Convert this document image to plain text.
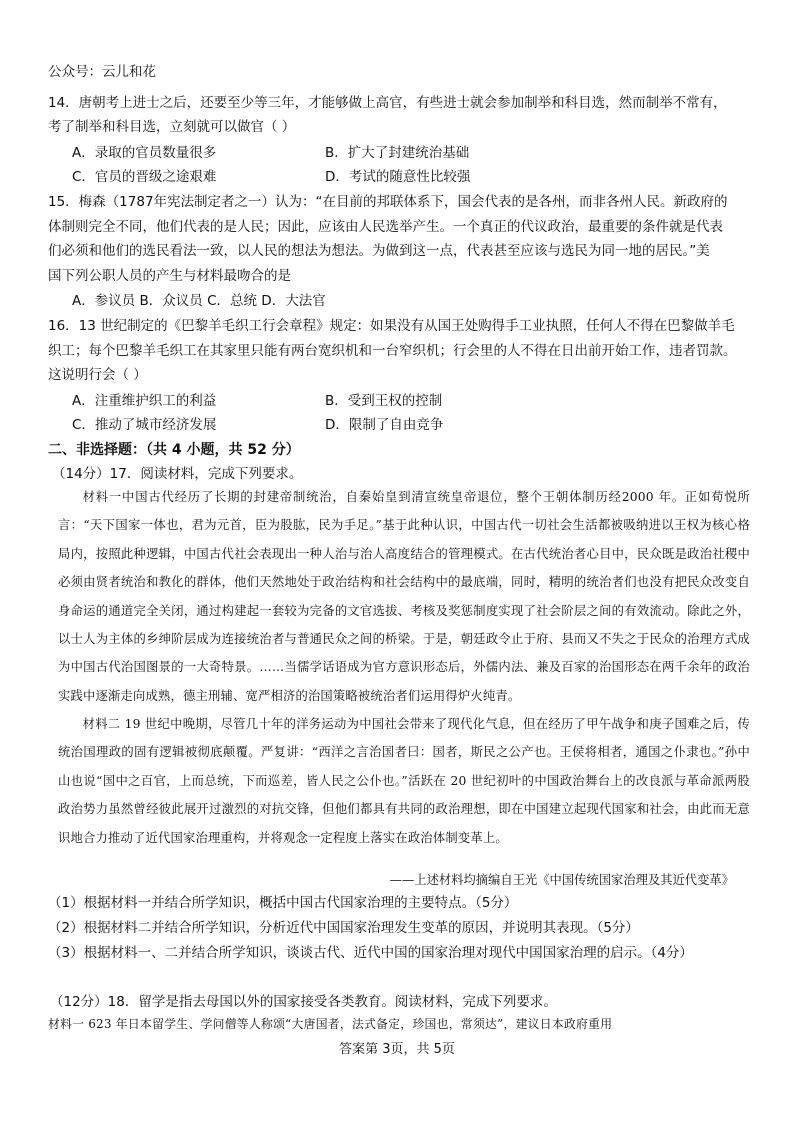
公众号：云儿和花
14．唐朝考上进士之后，还要至少等三年，才能够做上高官，有些进士就会参加制举和科目选，然而制举不常有，
考了制举和科目选，立刻就可以做官（ ）
A．录取的官员数量很多	B．扩大了封建统治基础
C．官员的晋级之途艰难	D．考试的随意性比较强
15．梅森（1787年宪法制定者之一）认为：“在目前的邦联体系下，国会代表的是各州，而非各州人民。新政府的
体制则完全不同，他们代表的是人民；因此，应该由人民选举产生。一个真正的代议政治，最重要的条件就是代表
们必须和他们的选民看法一致，以人民的想法为想法。为做到这一点，代表甚至应该与选民为同一地的居民。”美
国下列公职人员的产生与材料最吻合的是
A．参议员 B．众议员 C．总统 D．大法官
16．13 世纪制定的《巴黎羊毛织工行会章程》规定：如果没有从国王处购得手工业执照，任何人不得在巴黎做羊毛
织工；每个巴黎羊毛织工在其家里只能有两台宽织机和一台窄织机；行会里的人不得在日出前开始工作，违者罚款。
这说明行会（ ）
A．注重维护织工的利益	B．受到王权的控制
C．推动了城市经济发展	D．限制了自由竞争
二、非选择题：（共 4 小题，共 52 分）
（14分）17．阅读材料，完成下列要求。

材料一中国古代经历了长期的封建帝制统治，自秦始皇到清宣统皇帝退位，整个王朝体制历经2000 年。正如荀悦所言：“天下国家一体也，君为元首，臣为股肱，民为手足。”基于此种认识，中国古代一切社会生活都被吸纳进以王权为核心格局内，按照此种逻辑，中国古代社会表现出一种人治与治人高度结合的管理模式。在古代统治者心目中，民众既是政治社稷中必须由贤者统治和教化的群体，他们天然地处于政治结构和社会结构中的最底端，同时，精明的统治者们也没有把民众改变自身命运的通道完全关闭，通过构建起一套较为完备的文官选拔、考核及奖惩制度实现了社会阶层之间的有效流动。除此之外，以士人为主体的乡绅阶层成为连接统治者与普通民众之间的桥梁。于是，朝廷政令止于府、县而又不失之于民众的治理方式成为中国古代治国图景的一大奇特景。……当儒学话语成为官方意识形态后，外儒内法、兼及百家的治国形态在两千余年的政治实践中逐渐走向成熟，德主刑辅、宽严相济的治国策略被统治者们运用得炉火纯青。

材料二 19 世纪中晚期，尽管几十年的洋务运动为中国社会带来了现代化气息，但在经历了甲午战争和庚子国难之后，传统治国理政的固有逻辑被彻底颠覆。严复讲：“西洋之言治国者曰：国者，斯民之公产也。王侯将相者，通国之仆隶也。”孙中山也说“国中之百官，上而总统，下而巡差，皆人民之公仆也。”活跃在 20 世纪初叶的中国政治舞台上的改良派与革命派两股政治势力虽然曾经彼此展开过激烈的对抗交锋，但他们都具有共同的政治理想，即在中国建立起现代国家和社会，由此而无意识地合力推动了近代国家治理重构，并将观念一定程度上落实在政治体制变革上。

——上述材料均摘编自王光《中国传统国家治理及其近代变革》
（1）根据材料一并结合所学知识，概括中国古代国家治理的主要特点。（5分）
（2）根据材料二并结合所学知识，分析近代中国国家治理发生变革的原因，并说明其表现。（5分）
（3）根据材料一、二并结合所学知识，谈谈古代、近代中国的国家治理对现代中国国家治理的启示。（4分）
（12分）18．留学是指去母国以外的国家接受各类教育。阅读材料，完成下列要求。
材料一 623 年日本留学生、学问僧等人称颂“大唐国者，法式备定，珍国也，常须达”，建议日本政府重用
答案第 3页，共 5页
